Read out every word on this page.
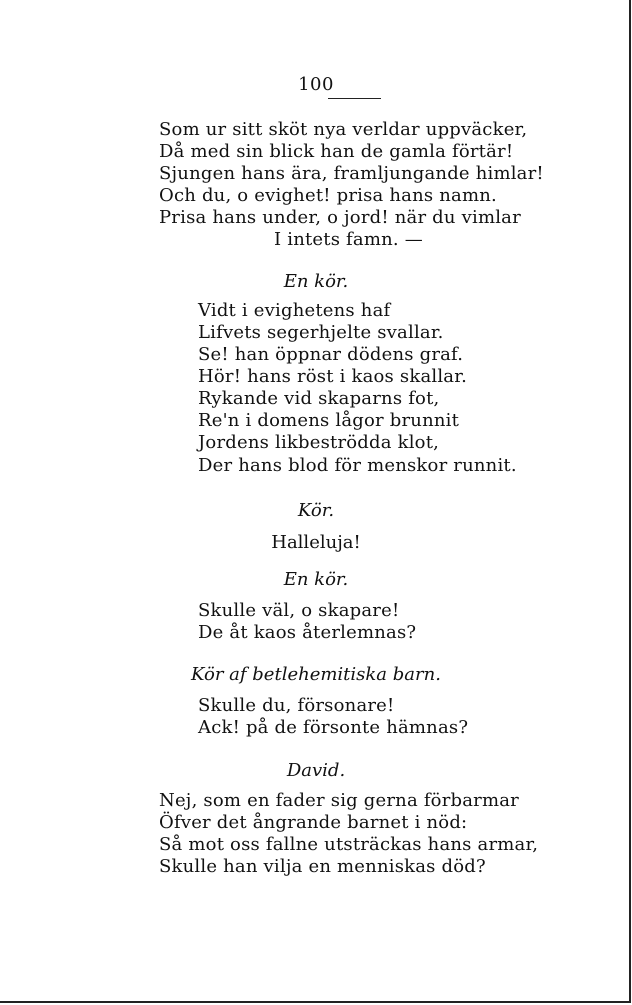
100
Som ur sitt sköt nya verldar uppväcker,
Då med sin blick han de gamla förtär!
Sjungen hans ära, framljungande himlar!
Och du, o evighet! prisa hans namn.
Prisa hans under, o jord! när du vimlar
I intets famn. —
En kör.
Vidt i evighetens haf
Lifvets segerhjelte svallar.
Se! han öppnar dödens graf.
Hör! hans röst i kaos skallar.
Rykande vid skaparns fot,
Re'n i domens lågor brunnit
Jordens likbeströdda klot,
Der hans blod för menskor runnit.
Kör.
Halleluja!
En kör.
Skulle väl, o skapare!
De åt kaos återlemnas?
Kör af betlehemitiska barn.
Skulle du, försonare!
Ack! på de försonte hämnas?
David.
Nej, som en fader sig gerna förbarmar
Öfver det ångrande barnet i nöd:
Så mot oss fallne utsträckas hans armar,
Skulle han vilja en menniskas död?
